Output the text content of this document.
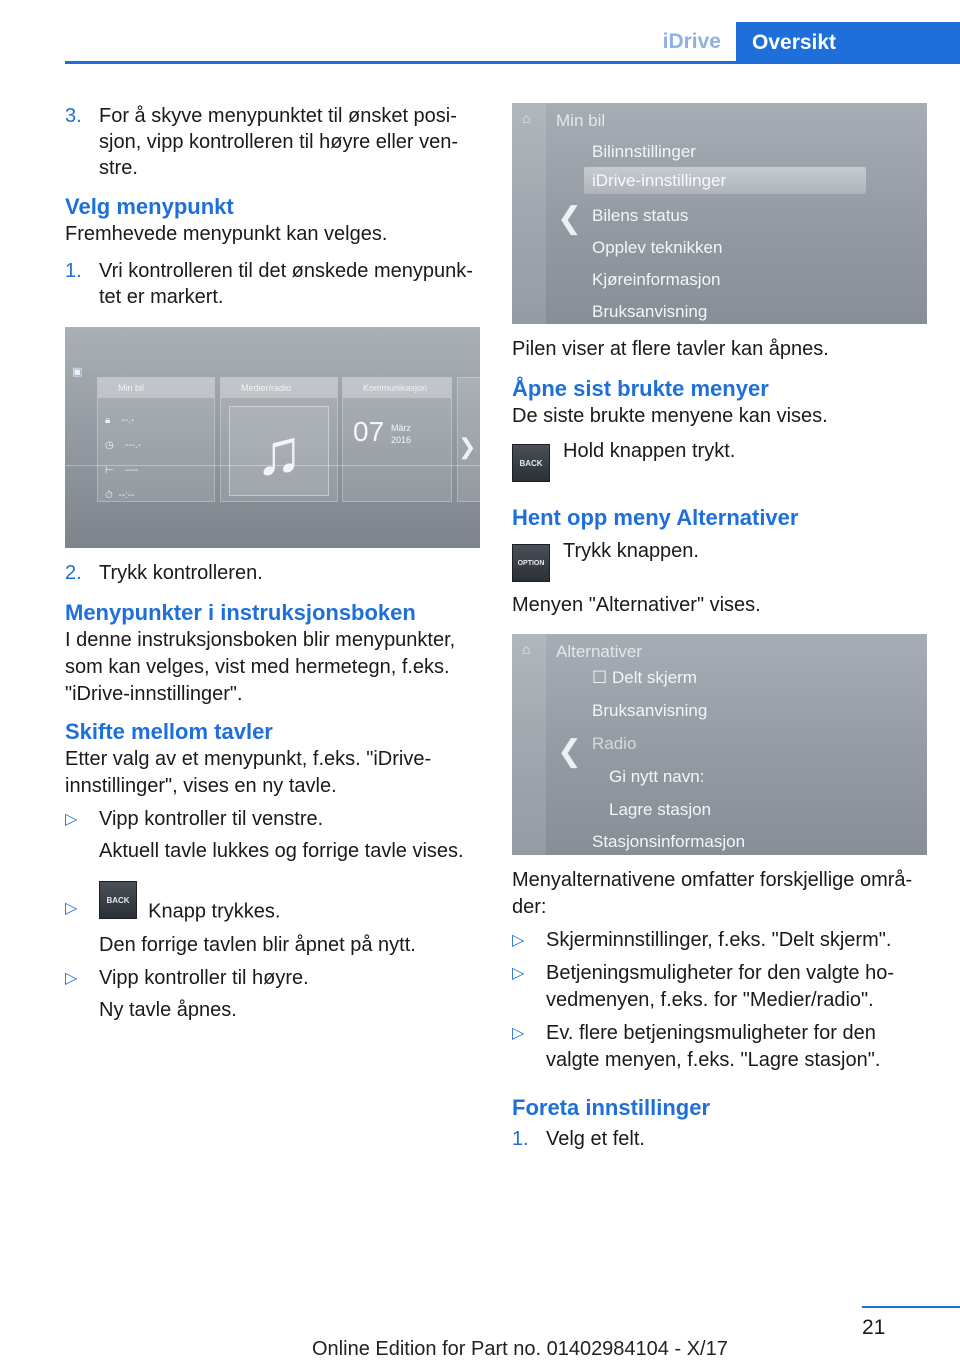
iDrive	Oversikt
3. For å skyve menypunktet til ønsket posi-sjon, vipp kontrolleren til høyre eller ven-stre.
Velg menypunkt

Fremhevede menypunkt kan velges.

1. Vri kontrolleren til det ønskede menypunk-tet er markert.
▣
Min bil
🔒︎ --.-
◷ ---.-
⊢ ----
⏱︎ --:--
Medier/radio
♫
Kommunikasjon
07 März
2016 ❯
2. Trykk kontrolleren.
Menypunkter i instruksjonsboken

I denne instruksjonsboken blir menypunkter, som kan velges, vist med hermetegn, f.eks. "iDrive-innstillinger".

Skifte mellom tavler

Etter valg av et menypunkt, f.eks. "iDrive-innstillinger", vises en ny tavle.

▷	Vipp kontroller til venstre.
Aktuell tavle lukkes og forrige tavle vises.
▷	BACK Knapp trykkes.
Den forrige tavlen blir åpnet på nytt.
▷	Vipp kontroller til høyre.
Ny tavle åpnes.
⌂	Min bil
❮
Bilinnstillinger
iDrive-innstillinger
Bilens status
Opplev teknikken
Kjøreinformasjon
Bruksanvisning

Pilen viser at flere tavler kan åpnes.

Åpne sist brukte menyer

De siste brukte menyene kan vises.

BACK
Hold knappen trykt.
Hent opp meny Alternativer
OPTION
Trykk knappen.

Menyen "Alternativer" vises.

⌂	Alternativer
❮
☐ Delt skjerm
Bruksanvisning
Radio
Gi nytt navn:
Lagre stasjon
Stasjonsinformasjon

Menyalternativene omfatter forskjellige områ-der:

▷	Skjerminnstillinger, f.eks. "Delt skjerm".
▷	Betjeningsmuligheter for den valgte ho-vedmenyen, f.eks. for "Medier/radio".
▷	Ev. flere betjeningsmuligheter for den valgte menyen, f.eks. "Lagre stasjon".
Foreta innstillinger
1. Velg et felt.
21
Online Edition for Part no. 01402984104 - X/17
